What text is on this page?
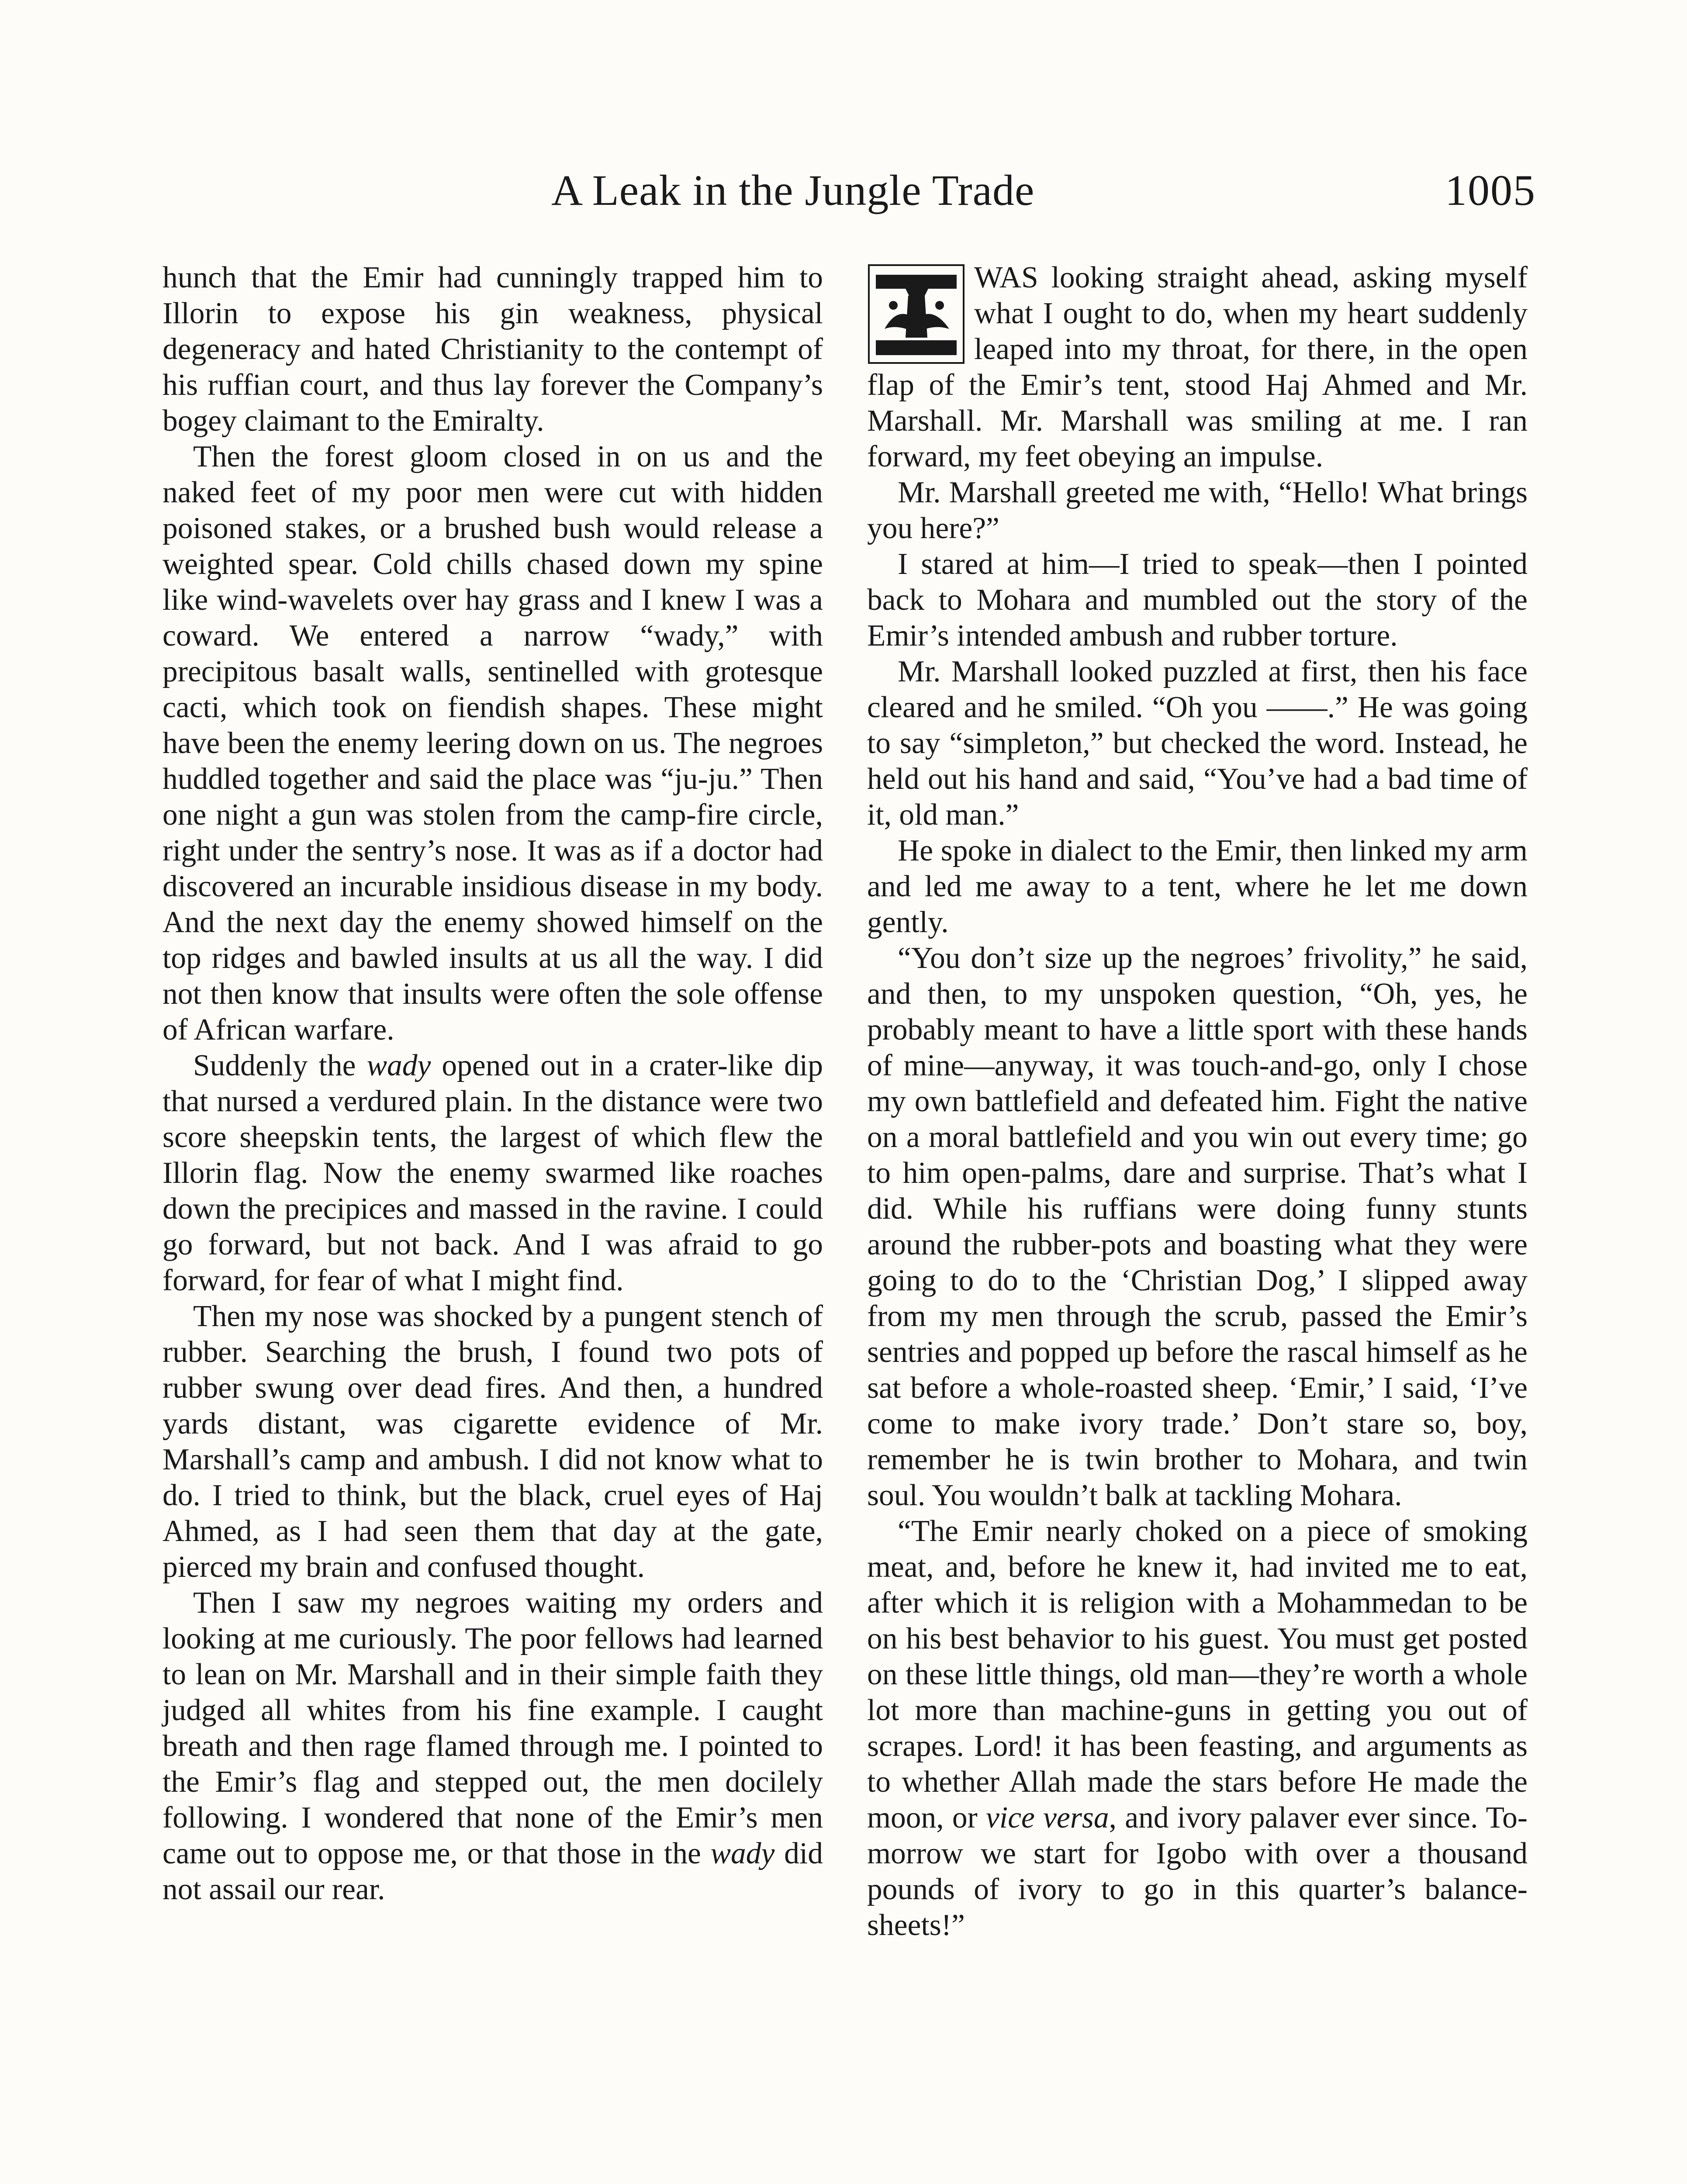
A Leak in the Jungle Trade	1005

hunch that the Emir had cunningly trapped him to Illorin to expose his gin weakness, physical degeneracy and hated Christianity to the contempt of his ruffian court, and thus lay forever the Company’s bogey claimant to the Emiralty.

Then the forest gloom closed in on us and the naked feet of my poor men were cut with hidden poisoned stakes, or a brushed bush would release a weighted spear. Cold chills chased down my spine like wind-wavelets over hay grass and I knew I was a coward. We entered a narrow “wady,” with precipitous basalt walls, sentinelled with grotesque cacti, which took on fiendish shapes. These might have been the enemy leering down on us. The negroes huddled together and said the place was “ju-ju.” Then one night a gun was stolen from the camp-fire circle, right under the sentry’s nose. It was as if a doctor had discovered an incurable insidious disease in my body. And the next day the enemy showed himself on the top ridges and bawled insults at us all the way. I did not then know that insults were often the sole offense of African warfare.

Suddenly the wady opened out in a crater-like dip that nursed a verdured plain. In the distance were two score sheepskin tents, the largest of which flew the Illorin flag. Now the enemy swarmed like roaches down the precipices and massed in the ravine. I could go forward, but not back. And I was afraid to go forward, for fear of what I might find.

Then my nose was shocked by a pungent stench of rubber. Searching the brush, I found two pots of rubber swung over dead fires. And then, a hundred yards distant, was cigarette evidence of Mr. Marshall’s camp and ambush. I did not know what to do. I tried to think, but the black, cruel eyes of Haj Ahmed, as I had seen them that day at the gate, pierced my brain and confused thought.

Then I saw my negroes waiting my orders and looking at me curiously. The poor fellows had learned to lean on Mr. Marshall and in their simple faith they judged all whites from his fine example. I caught breath and then rage flamed through me. I pointed to the Emir’s flag and stepped out, the men docilely following. I wondered that none of the Emir’s men came out to oppose me, or that those in the wady did not assail our rear.

WAS looking straight ahead, asking myself what I ought to do, when my heart suddenly leaped into my throat, for there, in the open flap of the Emir’s tent, stood Haj Ahmed and Mr. Marshall. Mr. Marshall was smiling at me. I ran forward, my feet obeying an impulse.

Mr. Marshall greeted me with, “Hello! What brings you here?”

I stared at him—I tried to speak—then I pointed back to Mohara and mumbled out the story of the Emir’s intended ambush and rubber torture.

Mr. Marshall looked puzzled at first, then his face cleared and he smiled. “Oh you ——.” He was going to say “simpleton,” but checked the word. Instead, he held out his hand and said, “You’ve had a bad time of it, old man.”

He spoke in dialect to the Emir, then linked my arm and led me away to a tent, where he let me down gently.

“You don’t size up the negroes’ frivolity,” he said, and then, to my unspoken question, “Oh, yes, he probably meant to have a little sport with these hands of mine—anyway, it was touch-and-go, only I chose my own battlefield and defeated him. Fight the native on a moral battlefield and you win out every time; go to him open-palms, dare and surprise. That’s what I did. While his ruffians were doing funny stunts around the rubber-pots and boasting what they were going to do to the ‘Christian Dog,’ I slipped away from my men through the scrub, passed the Emir’s sentries and popped up before the rascal himself as he sat before a whole-roasted sheep. ‘Emir,’ I said, ‘I’ve come to make ivory trade.’ Don’t stare so, boy, remember he is twin brother to Mohara, and twin soul. You wouldn’t balk at tackling Mohara.

“The Emir nearly choked on a piece of smoking meat, and, before he knew it, had invited me to eat, after which it is religion with a Mohammedan to be on his best behavior to his guest. You must get posted on these little things, old man—they’re worth a whole lot more than machine-guns in getting you out of scrapes. Lord! it has been feasting, and arguments as to whether Allah made the stars before He made the moon, or vice versa, and ivory palaver ever since. To-morrow we start for Igobo with over a thousand pounds of ivory to go in this quarter’s balance-sheets!”
